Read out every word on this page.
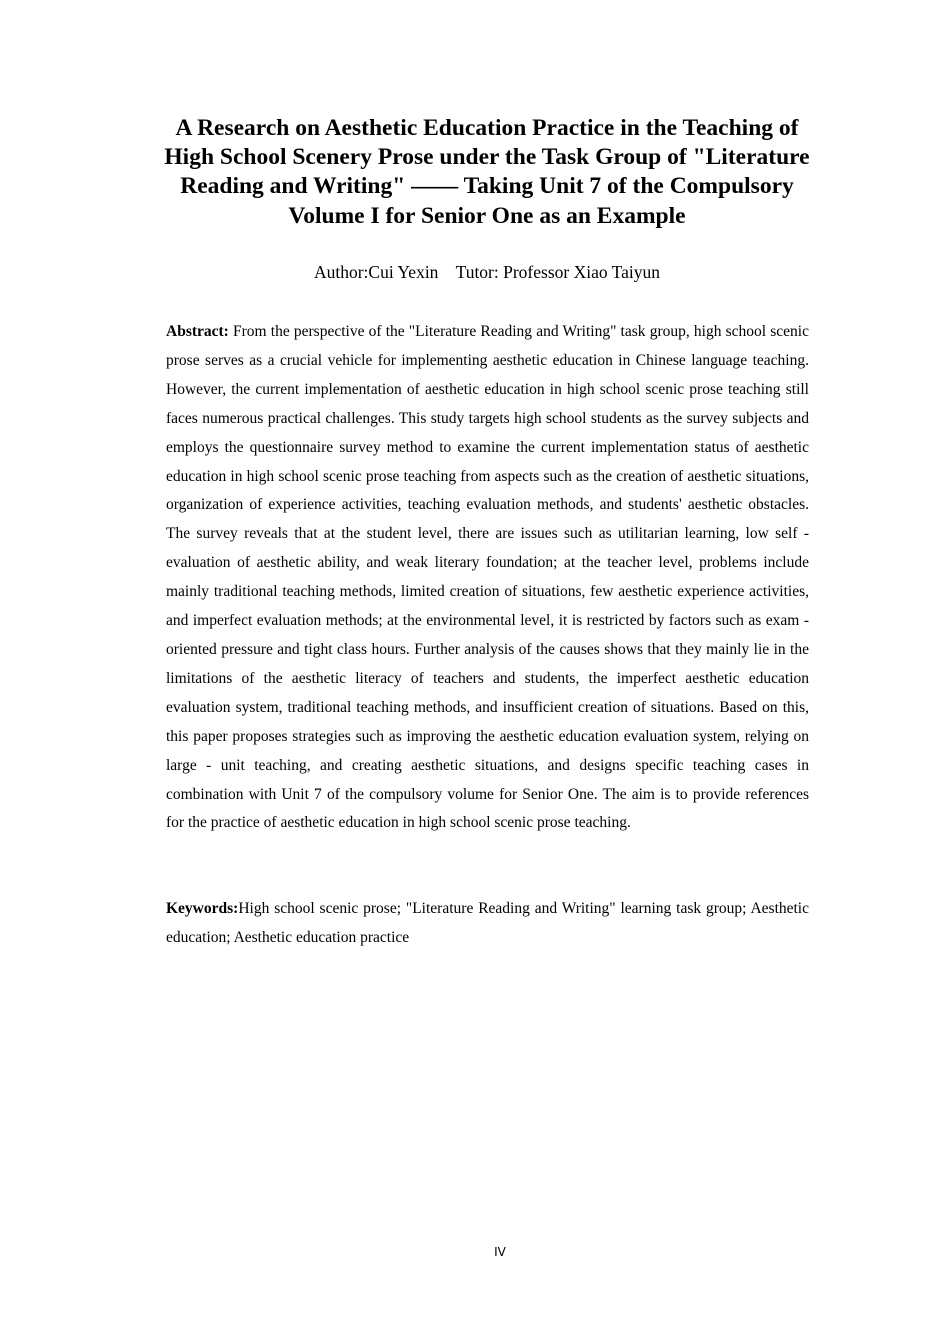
A Research on Aesthetic Education Practice in the Teaching of High School Scenery Prose under the Task Group of "Literature Reading and Writing" —— Taking Unit 7 of the Compulsory Volume I for Senior One as an Example

Author:Cui Yexin    Tutor: Professor Xiao Taiyun

Abstract: From the perspective of the "Literature Reading and Writing" task group, high school scenic prose serves as a crucial vehicle for implementing aesthetic education in Chinese language teaching. However, the current implementation of aesthetic education in high school scenic prose teaching still faces numerous practical challenges. This study targets high school students as the survey subjects and employs the questionnaire survey method to examine the current implementation status of aesthetic education in high school scenic prose teaching from aspects such as the creation of aesthetic situations, organization of experience activities, teaching evaluation methods, and students' aesthetic obstacles. The survey reveals that at the student level, there are issues such as utilitarian learning, low self - evaluation of aesthetic ability, and weak literary foundation; at the teacher level, problems include mainly traditional teaching methods, limited creation of situations, few aesthetic experience activities, and imperfect evaluation methods; at the environmental level, it is restricted by factors such as exam - oriented pressure and tight class hours. Further analysis of the causes shows that they mainly lie in the limitations of the aesthetic literacy of teachers and students, the imperfect aesthetic education evaluation system, traditional teaching methods, and insufficient creation of situations. Based on this, this paper proposes strategies such as improving the aesthetic education evaluation system, relying on large - unit teaching, and creating aesthetic situations, and designs specific teaching cases in combination with Unit 7 of the compulsory volume for Senior One. The aim is to provide references for the practice of aesthetic education in high school scenic prose teaching.

Keywords:High school scenic prose; "Literature Reading and Writing" learning task group; Aesthetic education; Aesthetic education practice

IV
